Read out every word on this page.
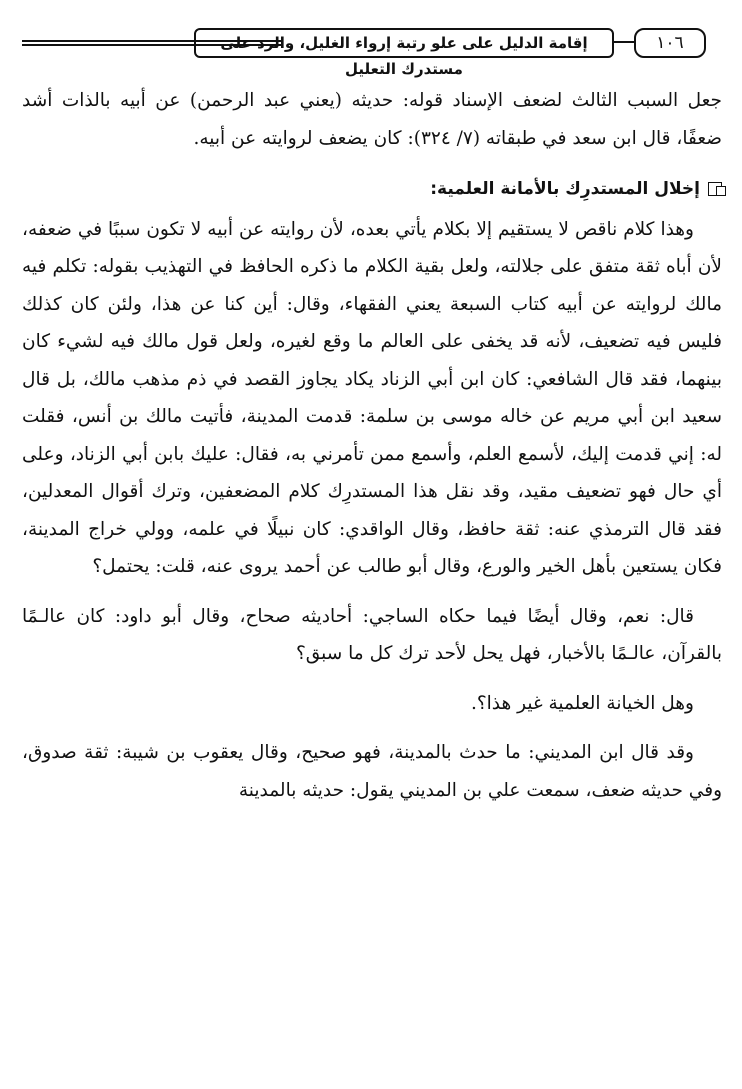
إقامة الدليل على علو رتبة إرواء الغليل، والرد على مستدرك التعليل
١٠٦

جعل السبب الثالث لضعف الإسناد قوله: حديثه (يعني عبد الرحمن) عن أبيه بالذات أشد ضعفًا، قال ابن سعد في طبقاته (٧/ ٣٢٤): كان يضعف لروايته عن أبيه.

إخلال المستدرِك بالأمانة العلمية:

وهذا كلام ناقص لا يستقيم إلا بكلام يأتي بعده، لأن روايته عن أبيه لا تكون سببًا في ضعفه، لأن أباه ثقة متفق على جلالته، ولعل بقية الكلام ما ذكره الحافظ في التهذيب بقوله: تكلم فيه مالك لروايته عن أبيه كتاب السبعة يعني الفقهاء، وقال: أين كنا عن هذا، ولئن كان كذلك فليس فيه تضعيف، لأنه قد يخفى على العالم ما وقع لغيره، ولعل قول مالك فيه لشيء كان بينهما، فقد قال الشافعي: كان ابن أبي الزناد يكاد يجاوز القصد في ذم مذهب مالك، بل قال سعيد ابن أبي مريم عن خاله موسى بن سلمة: قدمت المدينة، فأتيت مالك بن أنس، فقلت له: إني قدمت إليك، لأسمع العلم، وأسمع ممن تأمرني به، فقال: عليك بابن أبي الزناد، وعلى أي حال فهو تضعيف مقيد، وقد نقل هذا المستدرِك كلام المضعفين، وترك أقوال المعدلين، فقد قال الترمذي عنه: ثقة حافظ، وقال الواقدي: كان نبيلًا في علمه، وولي خراج المدينة، فكان يستعين بأهل الخير والورع، وقال أبو طالب عن أحمد يروى عنه، قلت: يحتمل؟

قال: نعم، وقال أيضًا فيما حكاه الساجي: أحاديثه صحاح، وقال أبو داود: كان عالـمًا بالقرآن، عالـمًا بالأخبار، فهل يحل لأحد ترك كل ما سبق؟

وهل الخيانة العلمية غير هذا؟.

وقد قال ابن المديني: ما حدث بالمدينة، فهو صحيح، وقال يعقوب بن شيبة: ثقة صدوق، وفي حديثه ضعف، سمعت علي بن المديني يقول: حديثه بالمدينة
